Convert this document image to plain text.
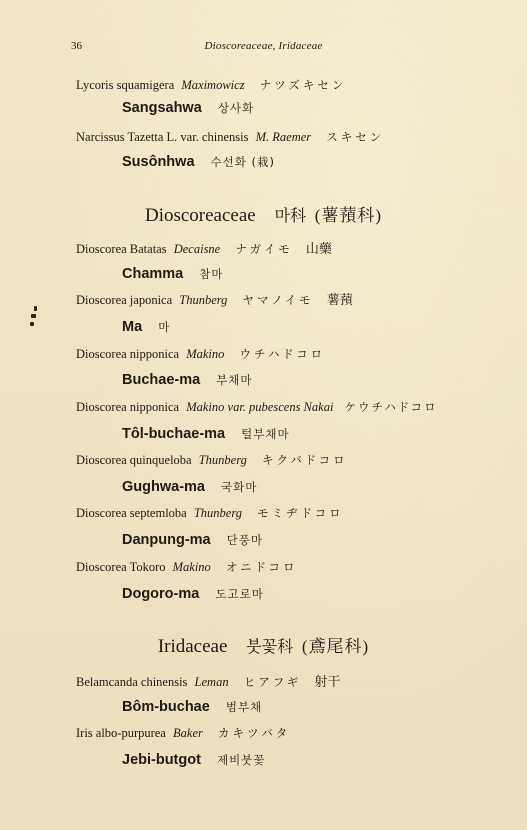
36	Dioscoreaceae, Iridaceae
Lycoris squamigera Maximowicz ナツズキセン
Sangsahwa 상사화
Narcissus Tazetta L. var. chinensis M. Raemer スキセン
Susônhwa 수선화 (栽)
Dioscoreaceae 마科 (薯蕷科)
Dioscorea Batatas Decaisne ナガイモ 山藥
Chamma 참마
Dioscorea japonica Thunberg ヤマノイモ 薯蕷
Ma 마
Dioscorea nipponica Makino ウチハドコロ
Buchae-ma 부채마
Dioscorea nipponica Makino var. pubescens Nakai ケウチハドコロ
Tôl-buchae-ma 털부채마
Dioscorea quinqueloba Thunberg キクバドコロ
Gughwa-ma 국화마
Dioscorea septemloba Thunberg モミヂドコロ
Danpung-ma 단풍마
Dioscorea Tokoro Makino オニドコロ
Dogoro-ma 도고로마
Iridaceae 붓꽃科 (鳶尾科)
Belamcanda chinensis Leman ヒアフギ 射干
Bôm-buchae 범부채
Iris albo-purpurea Baker カキツバタ
Jebi-butgot 제비붓꽃
